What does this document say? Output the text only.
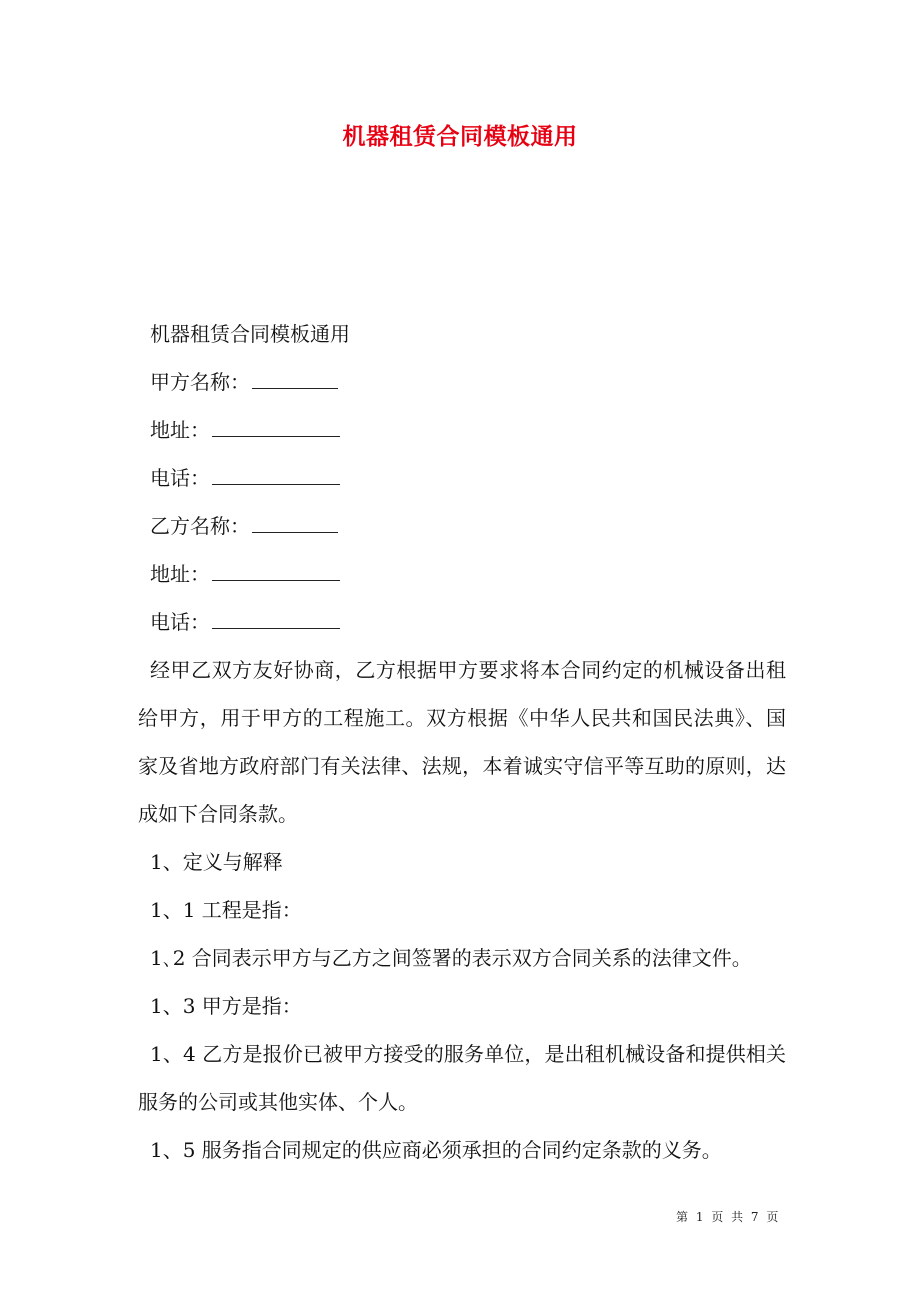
机器租赁合同模板通用

机器租赁合同模板通用

甲方名称：

地址：

电话：

乙方名称：

地址：

电话：

经甲乙双方友好协商，乙方根据甲方要求将本合同约定的机械设备出租给甲方，用于甲方的工程施工。双方根据《中华人民共和国民法典》、国家及省地方政府部门有关法律、法规，本着诚实守信平等互助的原则，达成如下合同条款。

1、定义与解释

1、1 工程是指：

1､2 合同表示甲方与乙方之间签署的表示双方合同关系的法律文件。

1、3 甲方是指：

1、4 乙方是报价已被甲方接受的服务单位，是出租机械设备和提供相关服务的公司或其他实体、个人。

1、5 服务指合同规定的供应商必须承担的合同约定条款的义务。

第 1 页 共 7 页
